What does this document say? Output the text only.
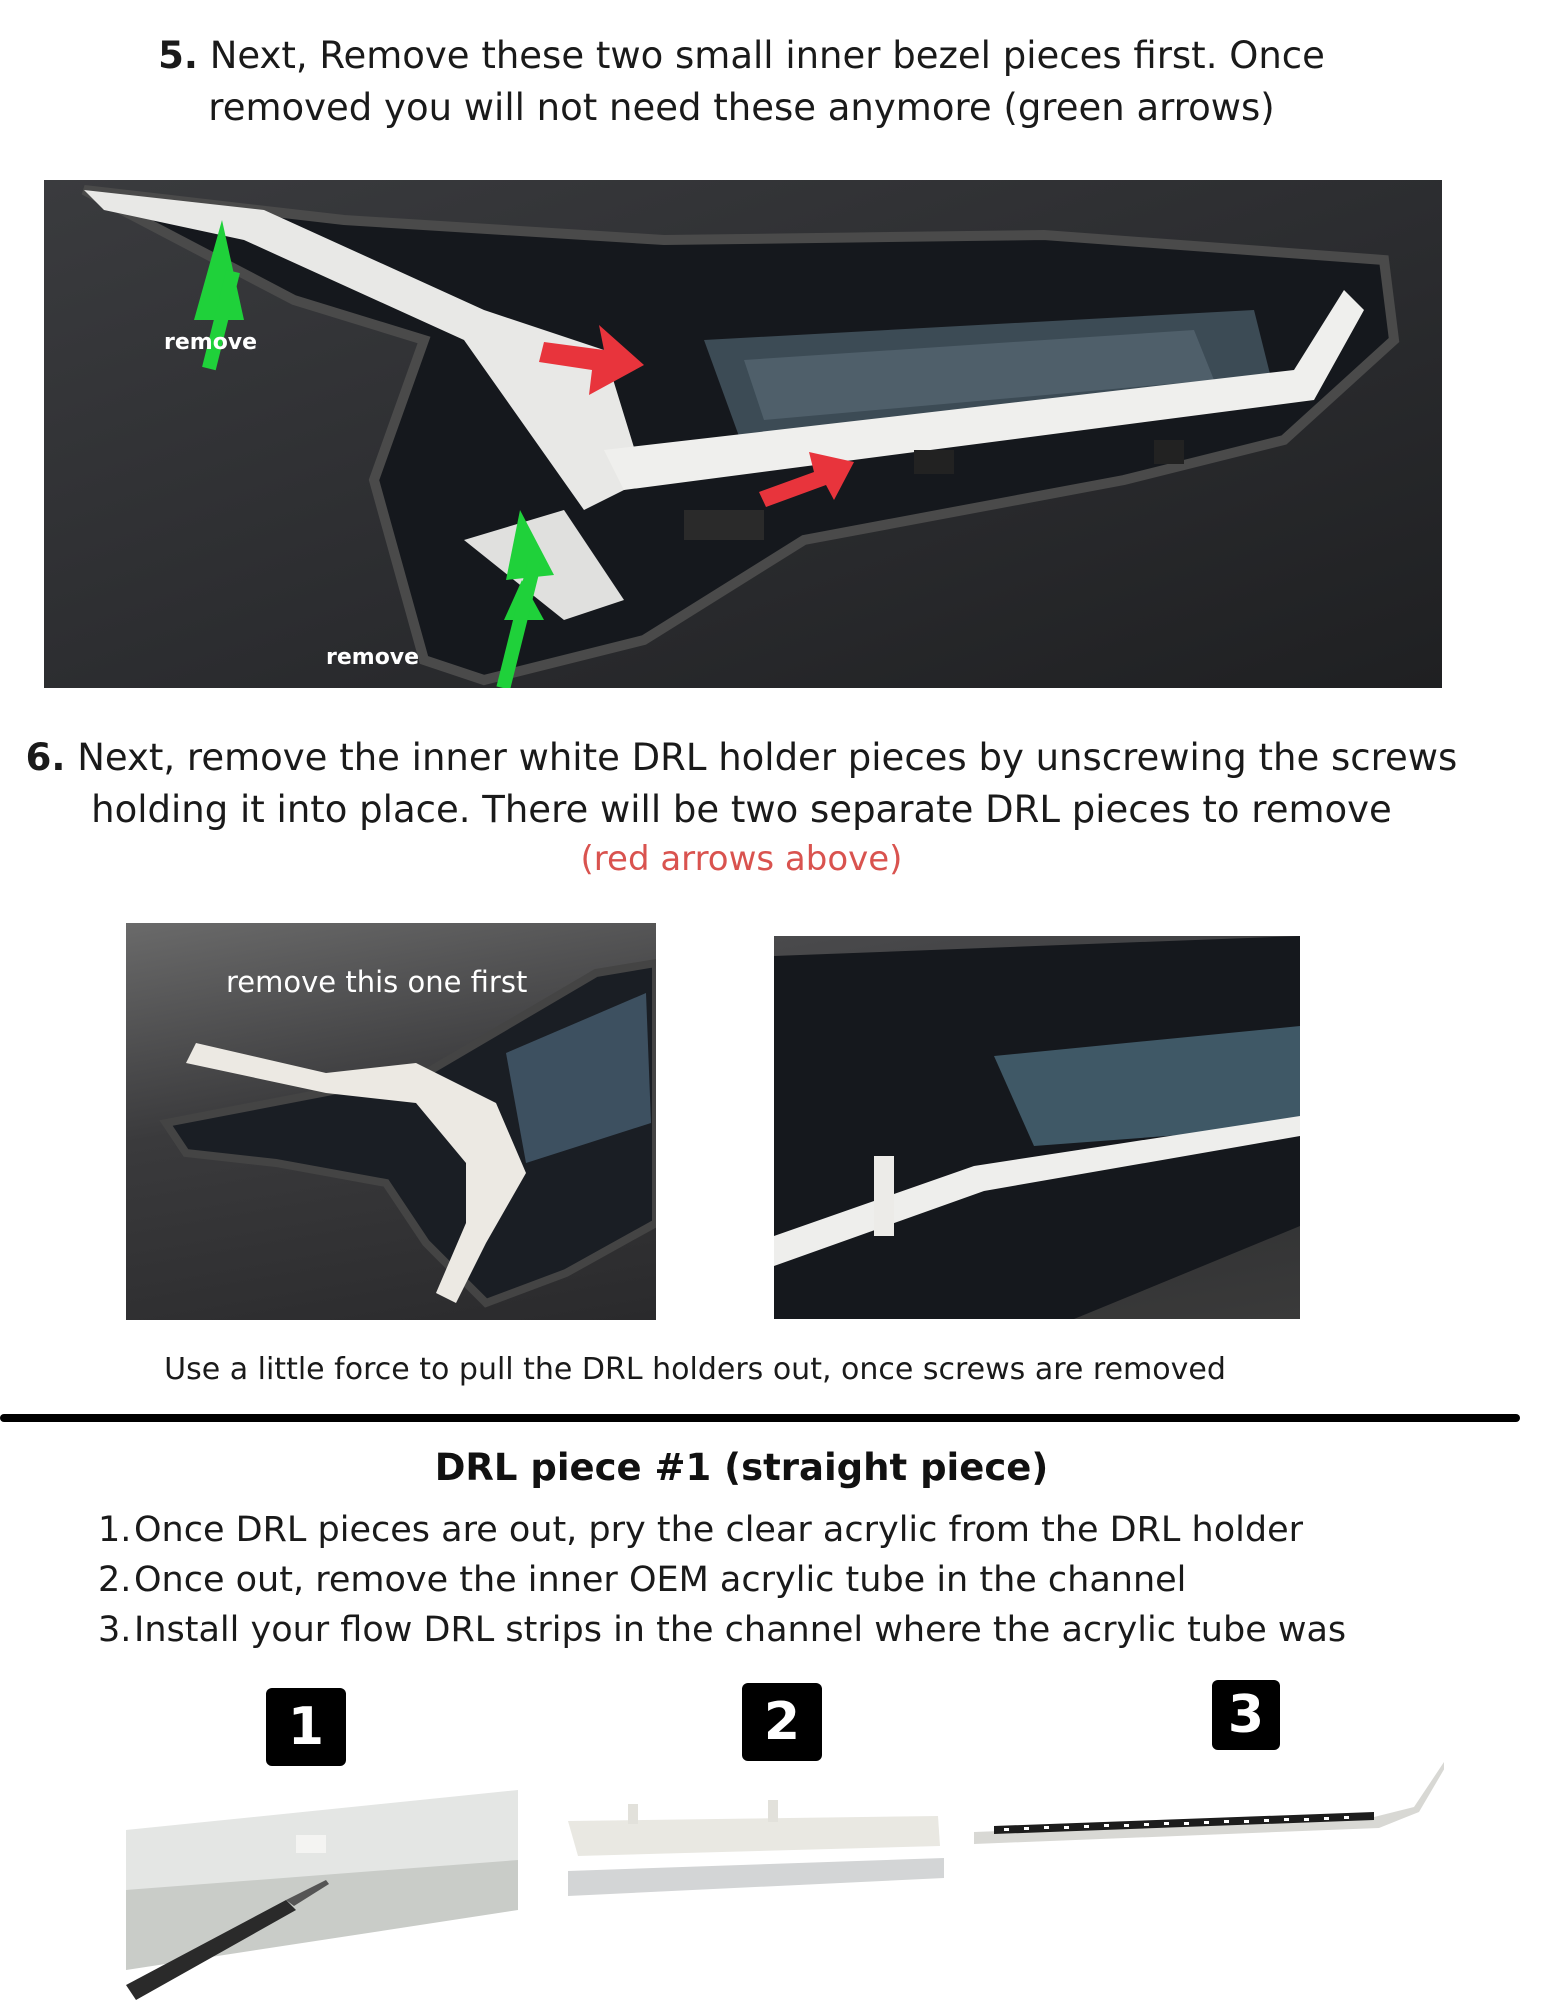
5. Next, Remove these two small inner bezel pieces first. Once
removed you will not need these anymore (green arrows)
remove
remove
6. Next, remove the inner white DRL holder pieces by unscrewing the screws
holding it into place. There will be two separate DRL pieces to remove
(red arrows above)
remove this one first
Use a little force to pull the DRL holders out, once screws are removed
DRL piece #1 (straight piece)
1.Once DRL pieces are out, pry the clear acrylic from the DRL holder
2.Once out, remove the inner OEM acrylic tube in the channel
3.Install your flow DRL strips in the channel where the acrylic tube was
1	2	3
